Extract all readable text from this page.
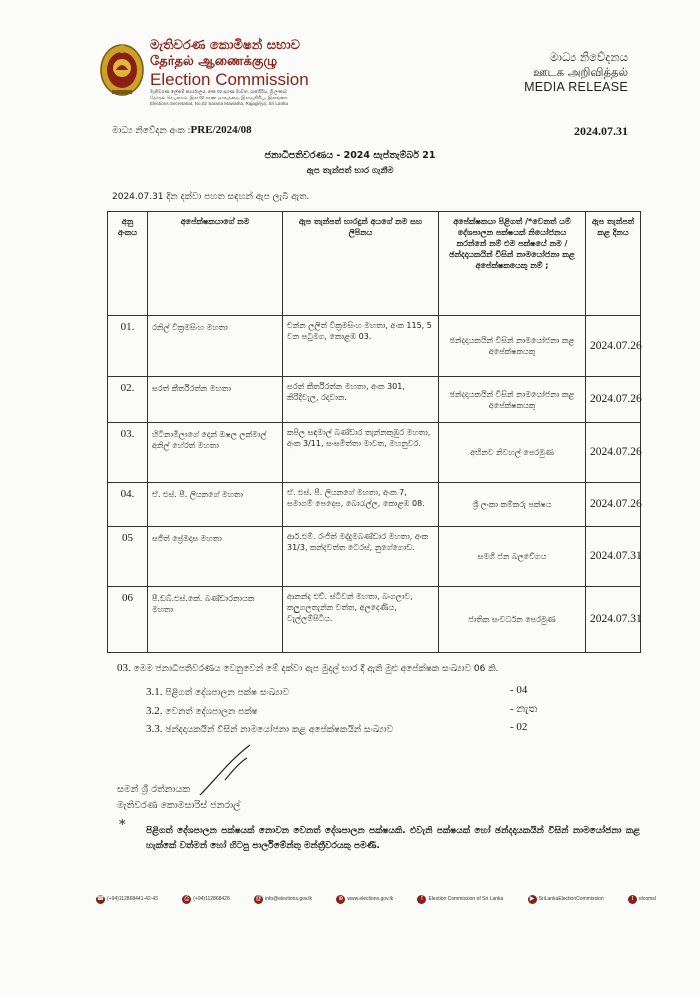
මැතිවරණ කොමිෂන් සභාව
தேர்தல் ஆணைக்குழு
Election Commission
මැතිවරණ ලේකම් කාර්යාලය, අංක 02 සරණ මාවත, රාජගිරිය, ශ්‍රී ලංකාව
தேர்தல் செயலகம், இல 02 சரண மாவத்தை, இராஜகிரிய, இலங்கை
Elections Secretariat, No.02 Sarana Mawatha, Rajagiriya, Sri Lanka
මාධ්‍ය නිවේදනය
ஊடக அறிவித்தல்
MEDIA RELEASE
මාධ්‍ය නිවේදන අංක :PRE/2024/08	2024.07.31
ජනාධිපතිවරණය - 2024 සැප්තැම්බර් 21
ඇප තැන්පත් භාර ගැනීම
2024.07.31 දින දක්වා පහත සඳහන් ඇප ලැබී ඇත.
අනු අංකය	අපේක්ෂකයාගේ නම	ඇප තැන්පත් භාරදුන් අයගේ නම සහ ලිපිනය	අපේක්ෂකයා පිළිගත් /*වෙනත් යම් දේශපාලන පක්ෂයක් නියෝජනය කරන්නේ නම් එම පක්ෂයේ නම / ඡන්දදායකයින් විසින් නාමයෝජනා කළ අපේක්ෂකයෙකු නම් ;	ඇප තැන්පත් කළ දිනය
01.	රනිල් වික්‍රමසිංහ මහතා	චන්න ලලිත් වික්‍රමසිංහ මහතා, අංක 115, 5 වන පටුමග, කොළඹ 03.	ඡන්දදායකයින් විසින් නාමයෝජනා කළ අපේක්ෂකයකු	2024.07.26
02.	සරත් කීර්තිරත්න මහතා	සරත් කීර්තිරත්න මහතා, අංක 301, කිරිදිවැල, රදාවාන.	ඡන්දදායකයින් විසින් නාමයෝජනා කළ අපේක්ෂකයකු	2024.07.26
03.	හිටිනාමිලාගේ දොන් ඔෂල ලක්මාල් අනිල් හේරත් මහතා	කපිල සඳමාල් බණ්ඩාර තැන්නකුඹුර මහතා, අංක 3/11, සංඝමිත්තා මාවත, මහනුවර.	අභිනව නිවහල් පෙරමුණ	2024.07.26
04.	ඒ. එස්. පී. ලියනගේ මහතා	ඒ. එස්. පී. ලියනගේ මහතා, අංක 7, සමාගම් පෙදෙස, බොරැල්ල, කොළඹ 08.	ශ්‍රී ලංකා කම්කරු පක්ෂය	2024.07.26
05	සජිත් ප්‍රේමදාස මහතා	ආර්.එම්. රංජිත් මද්දුමබණ්ඩාර මහතා, අංක 31/3, කන්දවත්ත ටෙරස්, නුගේගොඩ.	සමගි ජන බලවේගය	2024.07.31
06	පී.ඩබ්.එස්.කේ. බණ්ඩාරනායක මහතා	ආනන්ද එච්. ස්ටීවන් මහතා, බංගලාව, කලුගලතැන්න වත්ත, අලදෙණිය, වැල්ලම්පිටිය.	ජාතික සංවර්ධන පෙරමුණ	2024.07.31
03. මෙම ජනාධිපතිවරණය වෙනුවෙන් මේ දක්වා ඇප මුදල් භාර දී ඇති මුළු අපේක්ෂක සංඛ්‍යාව 06 කි.
3.1. පිළිගත් දේශපාලන පක්ෂ සංඛ්‍යාව	- 04
3.2. වෙනත් දේශපාලන පක්ෂ	- නැත
3.3. ඡන්දදායකයින් විසින් නාමයෝජනා කළ අපේක්ෂකයින් සංඛ්‍යාව	- 02
සමන් ශ්‍රී රත්නායක
මැතිවරණ කොමසාරිස් ජනරාල්
* පිළිගත් දේශපාලන පක්ෂයක් නොවන වෙනත් දේශපාලන පක්ෂයකි. එවැනි පක්ෂයක් හෝ ඡන්දදායකයින් විසින් නාමයෝජනා කළ හැක්කේ වත්මන් හෝ හිටපු පාර්ලිමේන්තු මන්ත්‍රීවරයකු පමණි.
☎ (+94)112868441-42-43	⎙ (+94)112868426	@ info@elections.gov.lk	⊕ www.elections.gov.lk	f	Election Commission of Sri Lanka	▶ SriLankaElectionCommission	t	elcomsl
